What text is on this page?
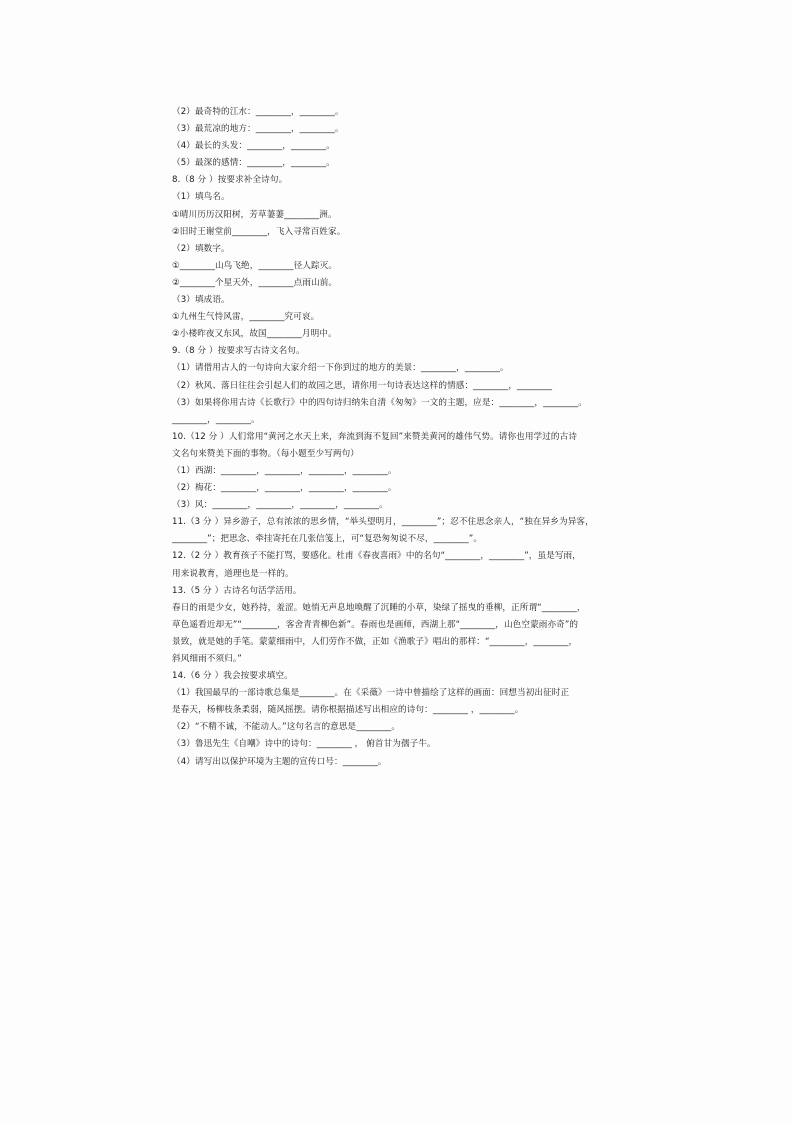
（2）最奇特的江水：________，________。
（3）最荒凉的地方：________，________。
（4）最长的头发：________，________。
（5）最深的感情：________，________。
8.（8 分 ）按要求补全诗句。
（1）填鸟名。
①晴川历历汉阳树，芳草萋萋________洲。
②旧时王谢堂前________，飞入寻常百姓家。
（2）填数字。
①________山鸟飞绝，________径人踪灭。
②________个星天外，________点雨山前。
（3）填成语。
①九州生气恃风雷，________究可哀。
②小楼昨夜又东风，故国________月明中。
9.（8 分 ）按要求写古诗文名句。
（1）请借用古人的一句诗向大家介绍一下你到过的地方的美景：________，________。
（2）秋风、落日往往会引起人们的故园之思，请你用一句诗表达这样的情感：________，________
（3）如果将你用古诗《长歌行》中的四句诗归纳朱自清《匆匆》一文的主题，应是：________，________。
________，________。
10.（12 分 ）人们常用“黄河之水天上来，奔流到海不复回”来赞美黄河的雄伟气势。请你也用学过的古诗
文名句来赞美下面的事物。（每小题至少写两句）
（1）西湖：________，________，________，________。
（2）梅花：________，________，________，________。
（3）风：________，________，________，________。
11.（3 分 ）异乡游子，总有浓浓的思乡情，“举头望明月，________”；忍不住思念亲人，“独在异乡为异客，
________”；把思念、牵挂寄托在几张信笺上，可“复恐匆匆说不尽，________”。
12.（2 分 ）教育孩子不能打骂，要感化。杜甫《春夜喜雨》中的名句“________，________”，虽是写雨，
用来说教育，道理也是一样的。
13.（5 分 ）古诗名句活学活用。
春日的雨是少女，她矜持，羞涩。她悄无声息地唤醒了沉睡的小草，染绿了摇曳的垂柳，正所谓“________，
草色遥看近却无”“________，客舍青青柳色新”。春雨也是画师，西湖上那“________，山色空蒙雨亦奇”的
景致，就是她的手笔。蒙蒙细雨中，人们劳作不做，正如《渔歌子》唱出的那样：“________，________，
斜风细雨不须归。”
14.（6 分 ）我会按要求填空。
（1）我国最早的一部诗歌总集是________。在《采薇》一诗中曾描绘了这样的画面：回想当初出征时正
是春天，杨柳枝条柔弱，随风摇摆。请你根据描述写出相应的诗句：________ ，________。
（2）“不精不诚，不能动人。”这句名言的意思是________。
（3）鲁迅先生《自嘲》诗中的诗句：________ ， 俯首甘为孺子牛。
（4）请写出以保护环境为主题的宣传口号：________。
